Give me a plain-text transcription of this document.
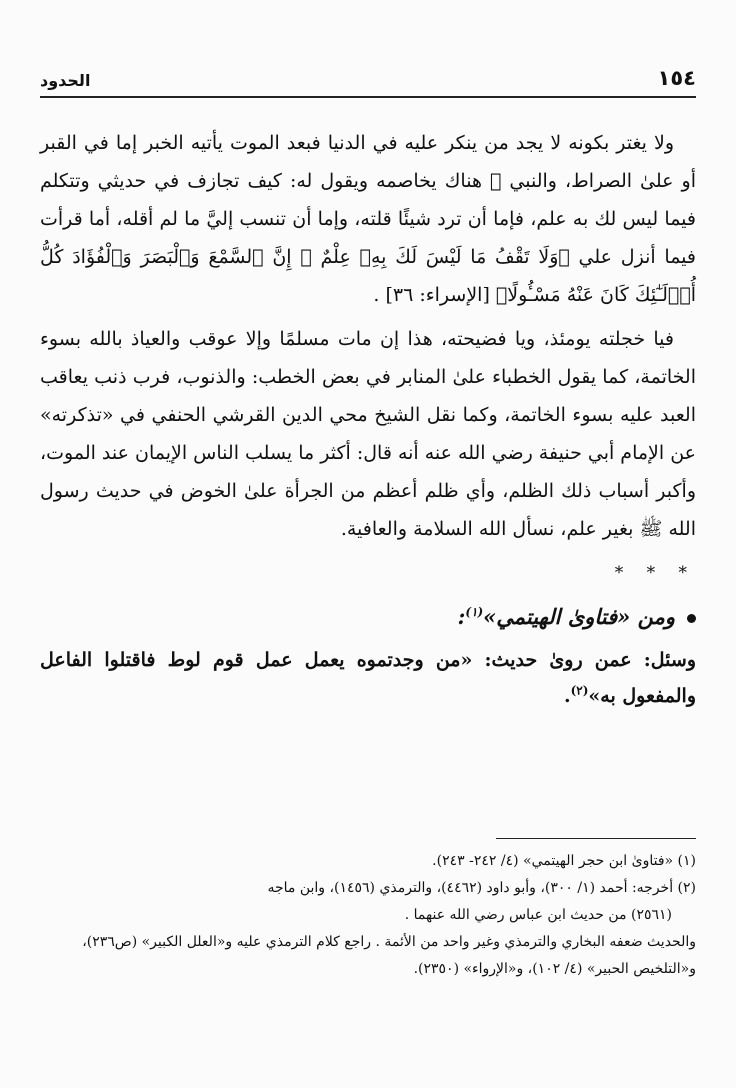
١٥٤
الحدود

ولا يغتر بكونه لا يجد من ينكر عليه في الدنيا فبعد الموت يأتيه الخبر إما في القبر أو علىٰ الصراط، والنبي ﷺ هناك يخاصمه ويقول له: كيف تجازف في حديثي وتتكلم فيما ليس لك به علم، فإما أن ترد شيئًا قلته، وإما أن تنسب إليَّ ما لم أقله، أما قرأت فيما أنزل علي ﴿وَلَا تَقْفُ مَا لَيْسَ لَكَ بِهِۦ عِلْمٌ ۚ إِنَّ ٱلسَّمْعَ وَٱلْبَصَرَ وَٱلْفُؤَادَ كُلُّ أُو۟لَـٰٓئِكَ كَانَ عَنْهُ مَسْـُٔولًا﴾ [الإسراء: ٣٦] .

فيا خجلته يومئذ، ويا فضيحته، هذا إن مات مسلمًا وإلا عوقب والعياذ بالله بسوء الخاتمة، كما يقول الخطباء علىٰ المنابر في بعض الخطب: والذنوب، فرب ذنب يعاقب العبد عليه بسوء الخاتمة، وكما نقل الشيخ محي الدين القرشي الحنفي في «تذكرته» عن الإمام أبي حنيفة رضي الله عنه أنه قال: أكثر ما يسلب الناس الإيمان عند الموت، وأكبر أسباب ذلك الظلم، وأي ظلم أعظم من الجرأة علىٰ الخوض في حديث رسول الله ﷺ بغير علم، نسأل الله السلامة والعافية.

* * *

ومن «فتاوىٰ الهيتمي»$^{(١)}$:

وسئل: عمن روىٰ حديث: «من وجدتموه يعمل عمل قوم لوط فاقتلوا الفاعل والمفعول به»$^{(٢)}$.

(١) «فتاوىٰ ابن حجر الهيتمي» (٤/ ٢٤٢- ٢٤٣).
(٢) أخرجه: أحمد (١/ ٣٠٠)، وأبو داود (٤٤٦٢)، والترمذي (١٤٥٦)، وابن ماجه
(٢٥٦١) من حديث ابن عباس رضي الله عنهما .
والحديث ضعفه البخاري والترمذي وغير واحد من الأئمة . راجع كلام الترمذي عليه و«العلل الكبير» (ص٢٣٦)، و«التلخيص الحبير» (٤/ ١٠٢)، و«الإرواء» (٢٣٥٠).
